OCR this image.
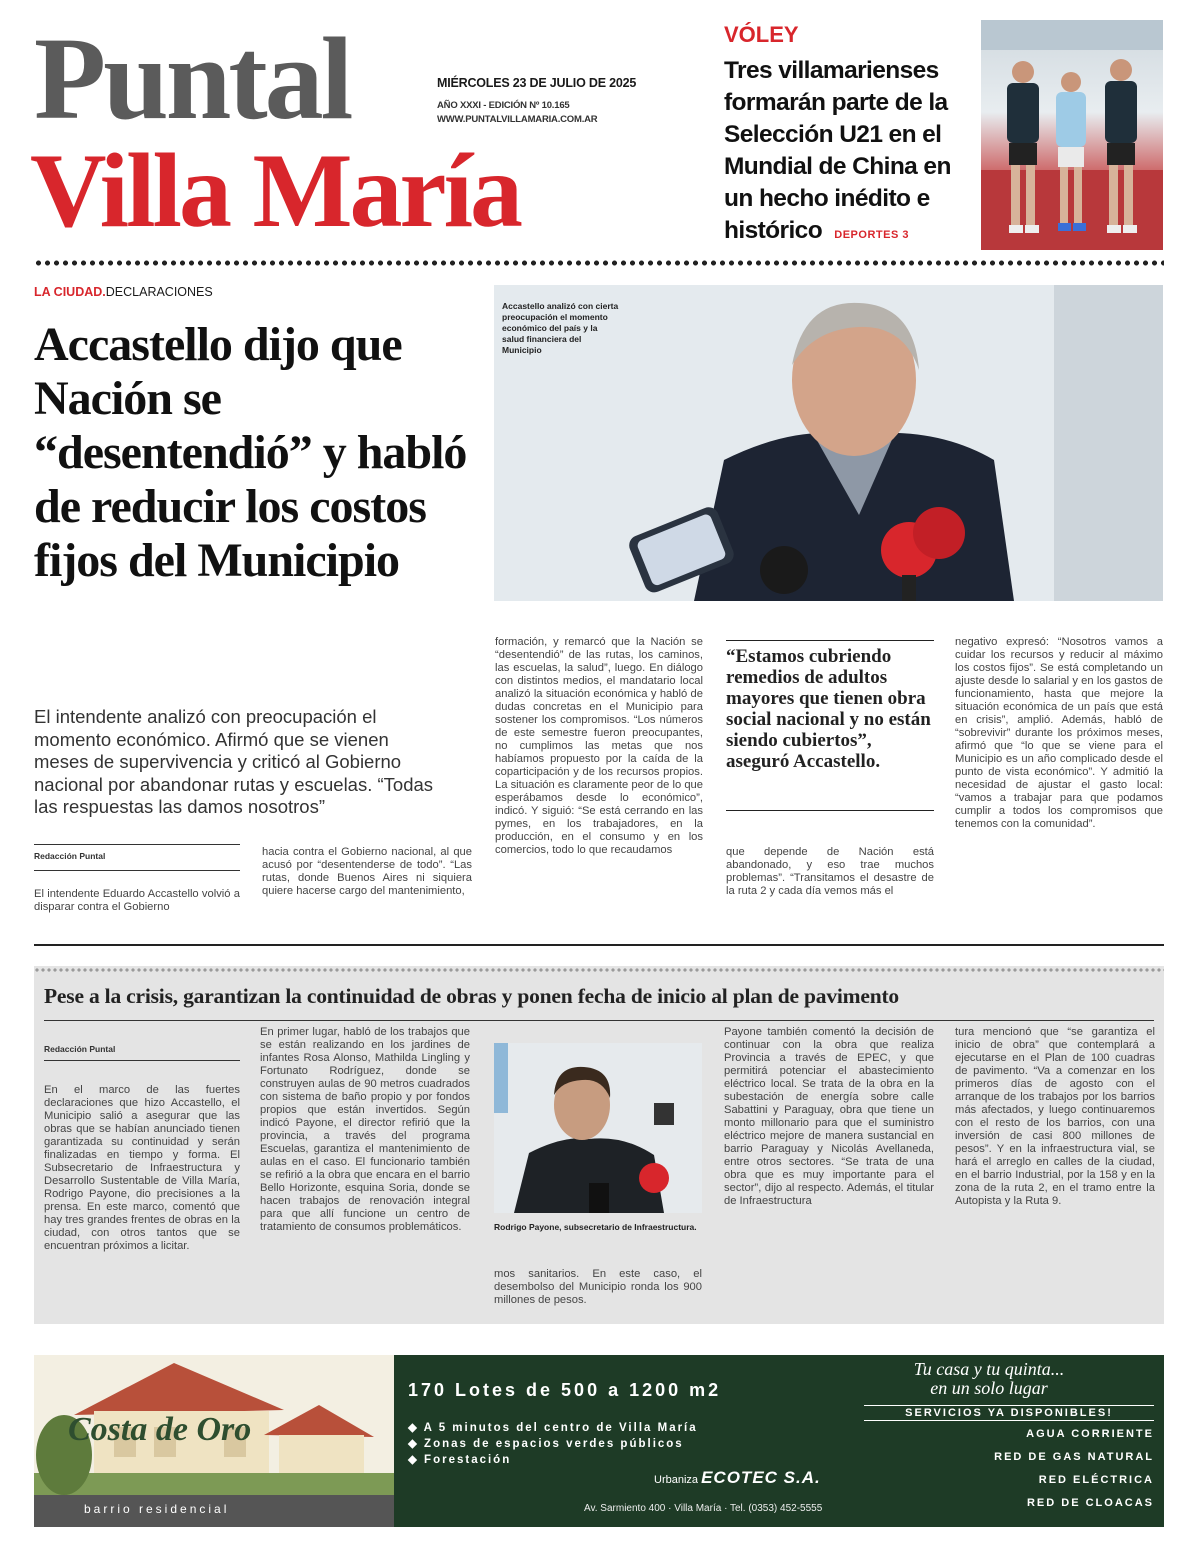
Puntal
Villa María
MIÉRCOLES 23 DE JULIO DE 2025
AÑO XXXI - EDICIÓN Nº 10.165
WWW.PUNTALVILLAMARIA.COM.AR
VÓLEY
Tres villamarienses formarán parte de la Selección U21 en el Mundial de China en un hecho inédito e histórico DEPORTES 3
LA CIUDAD.DECLARACIONES
Accastello dijo que Nación se “desentendió” y habló de reducir los costos fijos del Municipio

El intendente analizó con preocupación el momento económico. Afirmó que se vienen meses de supervivencia y criticó al Gobierno nacional por abandonar rutas y escuelas. “Todas las respuestas las damos nosotros”

Redacción Puntal

El intendente Eduardo Accastello volvió a disparar contra el Gobierno

hacia contra el Gobierno nacional, al que acusó por “desentenderse de todo”. “Las rutas, donde Buenos Aires ni siquiera quiere hacerse cargo del mantenimiento,

Accastello analizó con cierta preocupación el momento económico del país y la salud financiera del Municipio

formación, y remarcó que la Nación se “desentendió” de las rutas, los caminos, las escuelas, la salud”, luego. En diálogo con distintos medios, el mandatario local analizó la situación económica y habló de dudas concretas en el Municipio para sostener los compromisos. “Los números de este semestre fueron preocupantes, no cumplimos las metas que nos habíamos propuesto por la caída de la coparticipación y de los recursos propios. La situación es claramente peor de lo que esperábamos desde lo económico”, indicó. Y siguió: “Se está cerrando en las pymes, en los trabajadores, en la producción, en el consumo y en los comercios, todo lo que recaudamos

“Estamos cubriendo remedios de adultos mayores que tienen obra social nacional y no están siendo cubiertos”, aseguró Accastello.

que depende de Nación está abandonado, y eso trae muchos problemas”. “Transitamos el desastre de la ruta 2 y cada día vemos más el

negativo expresó: “Nosotros vamos a cuidar los recursos y reducir al máximo los costos fijos”. Se está completando un ajuste desde lo salarial y en los gastos de funcionamiento, hasta que mejore la situación económica de un país que está en crisis”, amplió. Además, habló de “sobrevivir” durante los próximos meses, afirmó que “lo que se viene para el Municipio es un año complicado desde el punto de vista económico”. Y admitió la necesidad de ajustar el gasto local: “vamos a trabajar para que podamos cumplir a todos los compromisos que tenemos con la comunidad”.

Pese a la crisis, garantizan la continuidad de obras y ponen fecha de inicio al plan de pavimento
Redacción Puntal

En el marco de las fuertes declaraciones que hizo Accastello, el Municipio salió a asegurar que las obras que se habían anunciado tienen garantizada su continuidad y serán finalizadas en tiempo y forma. El Subsecretario de Infraestructura y Desarrollo Sustentable de Villa María, Rodrigo Payone, dio precisiones a la prensa. En este marco, comentó que hay tres grandes frentes de obras en la ciudad, con otros tantos que se encuentran próximos a licitar.

En primer lugar, habló de los trabajos que se están realizando en los jardines de infantes Rosa Alonso, Mathilda Lingling y Fortunato Rodríguez, donde se construyen aulas de 90 metros cuadrados con sistema de baño propio y por fondos propios que están invertidos. Según indicó Payone, el director refirió que la provincia, a través del programa Escuelas, garantiza el mantenimiento de aulas en el caso. El funcionario también se refirió a la obra que encara en el barrio Bello Horizonte, esquina Soria, donde se hacen trabajos de renovación integral para que allí funcione un centro de tratamiento de consumos problemáticos.	Rodrigo Payone, subsecretario de Infraestructura.

mos sanitarios. En este caso, el desembolso del Municipio ronda los 900 millones de pesos.

Payone también comentó la decisión de continuar con la obra que realiza Provincia a través de EPEC, y que permitirá potenciar el abastecimiento eléctrico local. Se trata de la obra en la subestación de energía sobre calle Sabattini y Paraguay, obra que tiene un monto millonario para que el suministro eléctrico mejore de manera sustancial en barrio Paraguay y Nicolás Avellaneda, entre otros sectores. “Se trata de una obra que es muy importante para el sector”, dijo al respecto. Además, el titular de Infraestructura

tura mencionó que “se garantiza el inicio de obra” que contemplará a ejecutarse en el Plan de 100 cuadras de pavimento. “Va a comenzar en los primeros días de agosto con el arranque de los trabajos por los barrios más afectados, y luego continuaremos con el resto de los barrios, con una inversión de casi 800 millones de pesos”. Y en la infraestructura vial, se hará el arreglo en calles de la ciudad, en el barrio Industrial, por la 158 y en la zona de la ruta 2, en el tramo entre la Autopista y la Ruta 9.

Costa de Oro
barrio residencial
170 Lotes de 500 a 1200 m2
◆ A 5 minutos del centro de Villa María
◆ Zonas de espacios verdes públicos
◆ Forestación
Tu casa y tu quinta...
en un solo lugar
SERVICIOS YA DISPONIBLES!
AGUA CORRIENTE
RED DE GAS NATURAL
RED ELÉCTRICA
RED DE CLOACAS
Urbaniza ECOTEC S.A.
Av. Sarmiento 400 · Villa María · Tel. (0353) 452-5555
